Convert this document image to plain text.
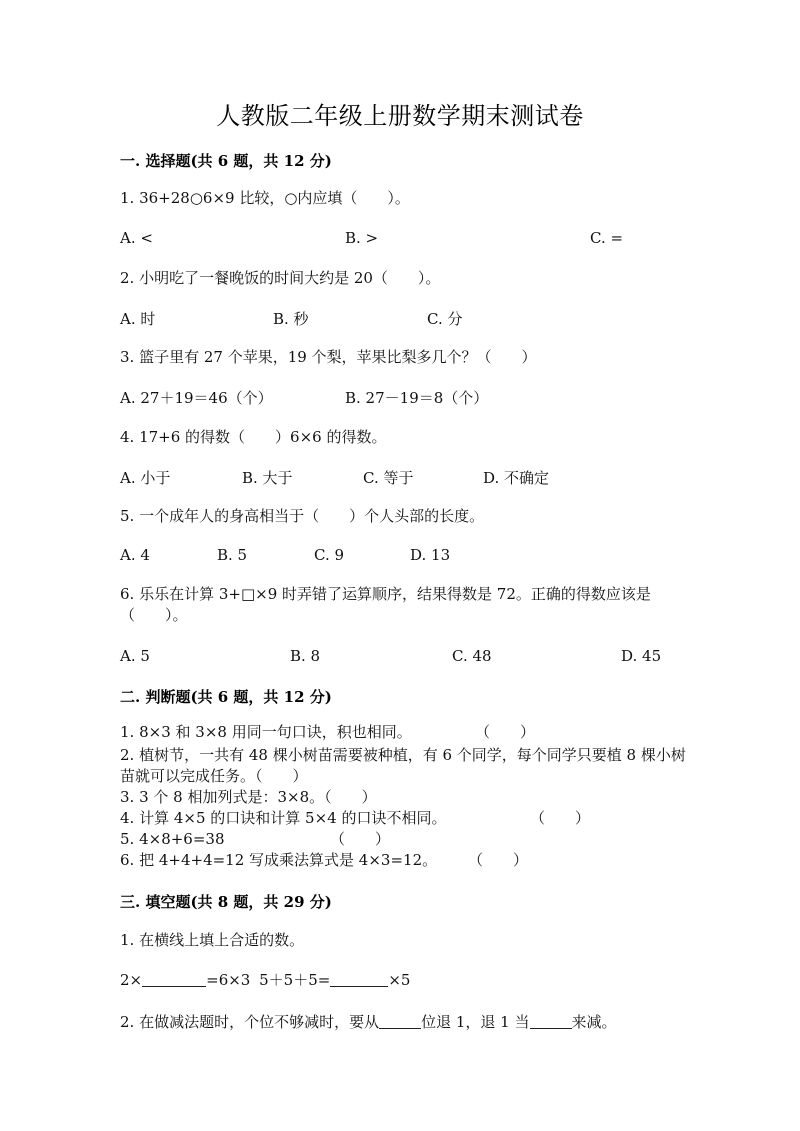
人教版二年级上册数学期末测试卷
一. 选择题(共 6 题，共 12 分)
1. 36+28○6×9 比较，○内应填（　　）。
A. <	B. >	C. =
2. 小明吃了一餐晚饭的时间大约是 20（　　）。
A. 时	B. 秒	C. 分
3. 篮子里有 27 个苹果，19 个梨，苹果比梨多几个？（　　）
A. 27＋19＝46（个）	B. 27－19＝8（个）
4. 17+6 的得数（　　）6×6 的得数。
A. 小于	B. 大于	C. 等于	D. 不确定
5. 一个成年人的身高相当于（　　）个人头部的长度。
A. 4	B. 5	C. 9	D. 13
6. 乐乐在计算 3+□×9 时弄错了运算顺序，结果得数是 72。正确的得数应该是（　　）。
A. 5	B. 8	C. 48	D. 45
二. 判断题(共 6 题，共 12 分)
1. 8×3 和 3×8 用同一句口诀，积也相同。	（　　）
2. 植树节，一共有 48 棵小树苗需要被种植，有 6 个同学，每个同学只要植 8 棵小树苗就可以完成任务。（　　）
3. 3 个 8 相加列式是：3×8。（　　）
4. 计算 4×5 的口诀和计算 5×4 的口诀不相同。	（　　）
5. 4×8+6=38	（　　）
6. 把 4+4+4=12 写成乘法算式是 4×3=12。 （　　）
三. 填空题(共 8 题，共 29 分)
1. 在横线上填上合适的数。
2×	=6×3 5＋5＋5=	×5
2. 在做减法题时，个位不够减时，要从	位退 1，退 1 当	来减。
